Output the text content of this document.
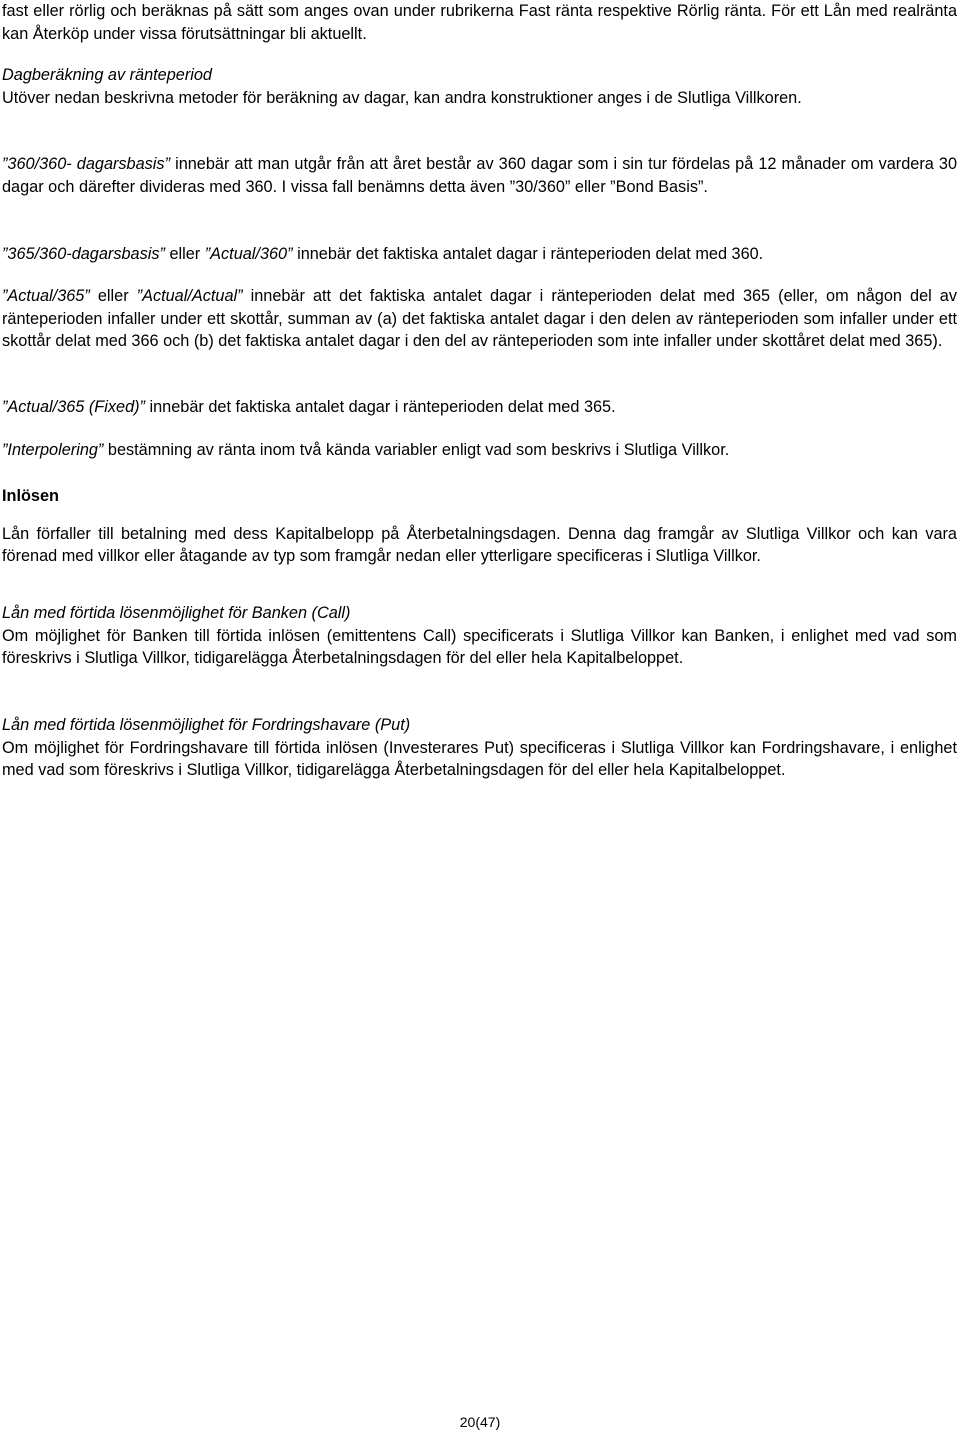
fast eller rörlig och beräknas på sätt som anges ovan under rubrikerna Fast ränta respektive Rörlig ränta. För ett Lån med realränta kan Återköp under vissa förutsättningar bli aktuellt.

Dagberäkning av ränteperiod

Utöver nedan beskrivna metoder för beräkning av dagar, kan andra konstruktioner anges i de Slutliga Villkoren.

”360/360- dagarsbasis” innebär att man utgår från att året består av 360 dagar som i sin tur fördelas på 12 månader om vardera 30 dagar och därefter divideras med 360. I vissa fall benämns detta även ”30/360” eller ”Bond Basis”.

”365/360-dagarsbasis” eller ”Actual/360” innebär det faktiska antalet dagar i ränteperioden delat med 360.

”Actual/365” eller ”Actual/Actual” innebär att det faktiska antalet dagar i ränteperioden delat med 365 (eller, om någon del av ränteperioden infaller under ett skottår, summan av (a) det faktiska antalet dagar i den delen av ränteperioden som infaller under ett skottår delat med 366 och (b) det faktiska antalet dagar i den del av ränteperioden som inte infaller under skottåret delat med 365).

”Actual/365 (Fixed)” innebär det faktiska antalet dagar i ränteperioden delat med 365.

”Interpolering” bestämning av ränta inom två kända variabler enligt vad som beskrivs i Slutliga Villkor.

Inlösen

Lån förfaller till betalning med dess Kapitalbelopp på Återbetalningsdagen. Denna dag framgår av Slutliga Villkor och kan vara förenad med villkor eller åtagande av typ som framgår nedan eller ytterligare specificeras i Slutliga Villkor.

Lån med förtida lösenmöjlighet för Banken (Call)

Om möjlighet för Banken till förtida inlösen (emittentens Call) specificerats i Slutliga Villkor kan Banken, i enlighet med vad som föreskrivs i Slutliga Villkor, tidigarelägga Återbetalningsdagen för del eller hela Kapitalbeloppet.

Lån med förtida lösenmöjlighet för Fordringshavare (Put)

Om möjlighet för Fordringshavare till förtida inlösen (Investerares Put) specificeras i Slutliga Villkor kan Fordringshavare, i enlighet med vad som föreskrivs i Slutliga Villkor, tidigarelägga Återbetalningsdagen för del eller hela Kapitalbeloppet.

20(47)
